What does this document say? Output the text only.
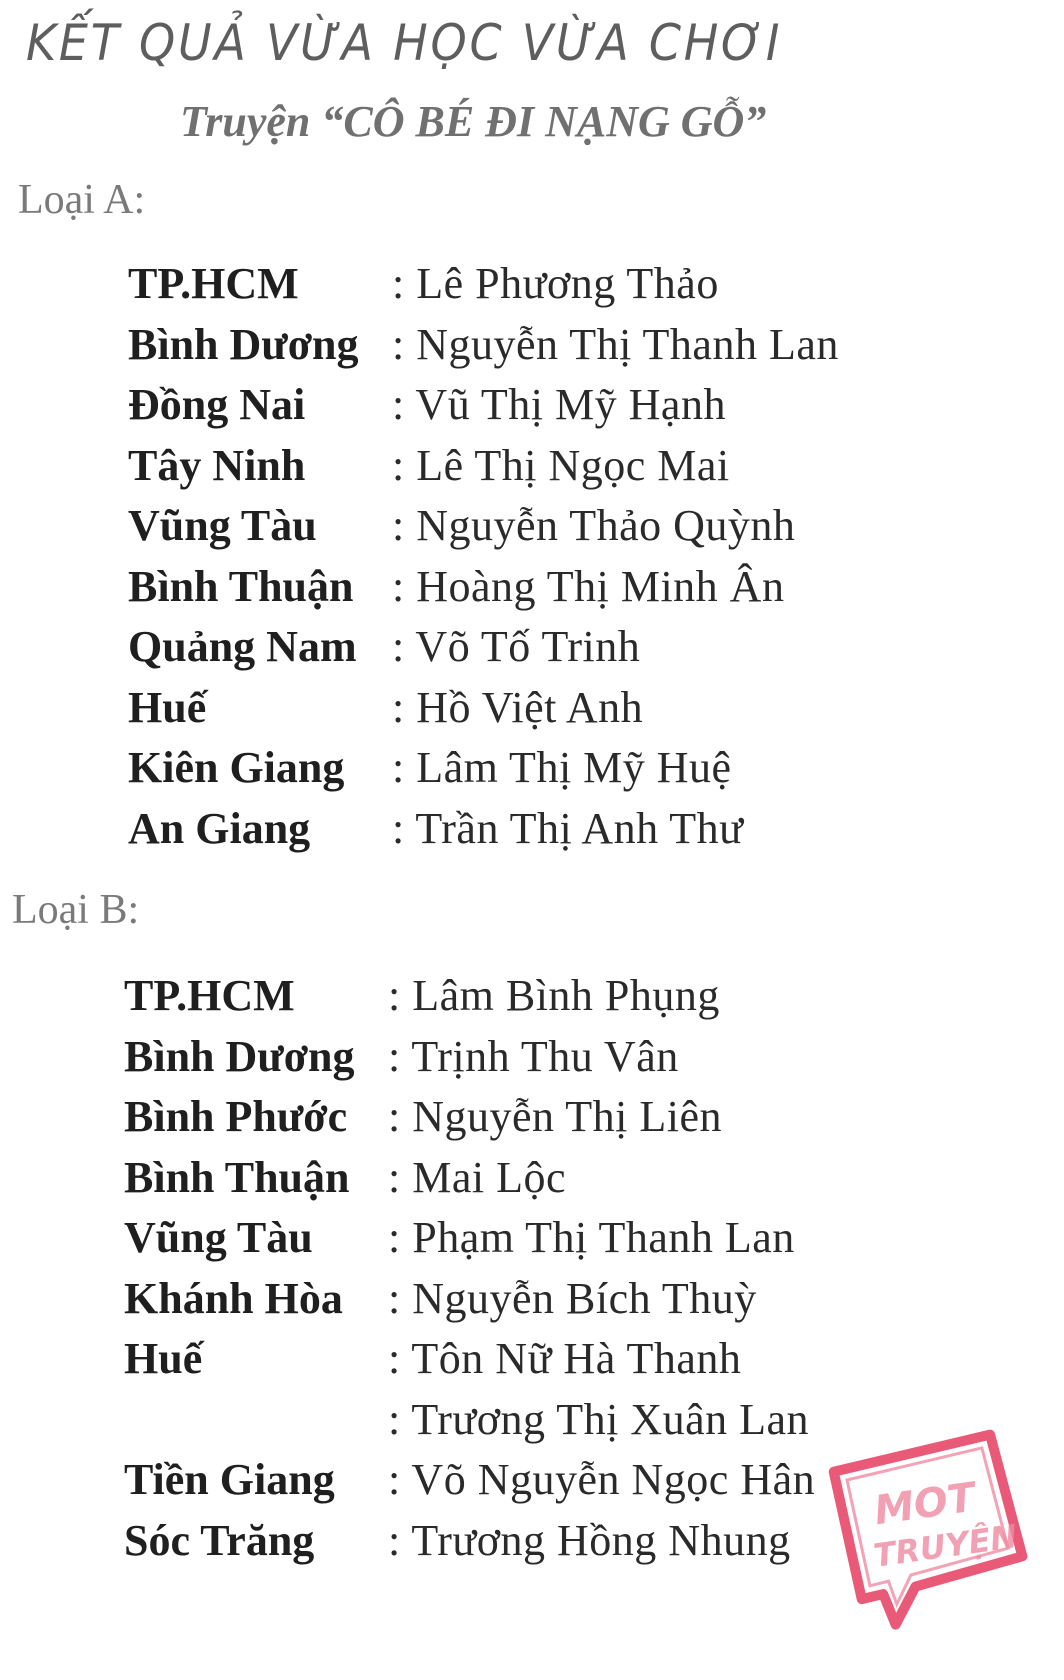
KẾT QUẢ VỪA HỌC VỪA CHƠI
Truyện “CÔ BÉ ĐI NẠNG GỖ”
Loại A:
TP.HCM : Lê Phương Thảo
Bình Dương : Nguyễn Thị Thanh Lan
Đồng Nai : Vũ Thị Mỹ Hạnh
Tây Ninh : Lê Thị Ngọc Mai
Vũng Tàu : Nguyễn Thảo Quỳnh
Bình Thuận : Hoàng Thị Minh Ân
Quảng Nam : Võ Tố Trinh
Huế	: Hồ Việt Anh
Kiên Giang : Lâm Thị Mỹ Huệ
An Giang : Trần Thị Anh Thư
Loại B:
TP.HCM : Lâm Bình Phụng
Bình Dương : Trịnh Thu Vân
Bình Phước : Nguyễn Thị Liên
Bình Thuận : Mai Lộc
Vũng Tàu : Phạm Thị Thanh Lan
Khánh Hòa : Nguyễn Bích Thuỳ
Huế	: Tôn Nữ Hà Thanh
: Trương Thị Xuân Lan
Tiền Giang : Võ Nguyễn Ngọc Hân
Sóc Trăng : Trương Hồng Nhung
MOT
TRUYỆN
